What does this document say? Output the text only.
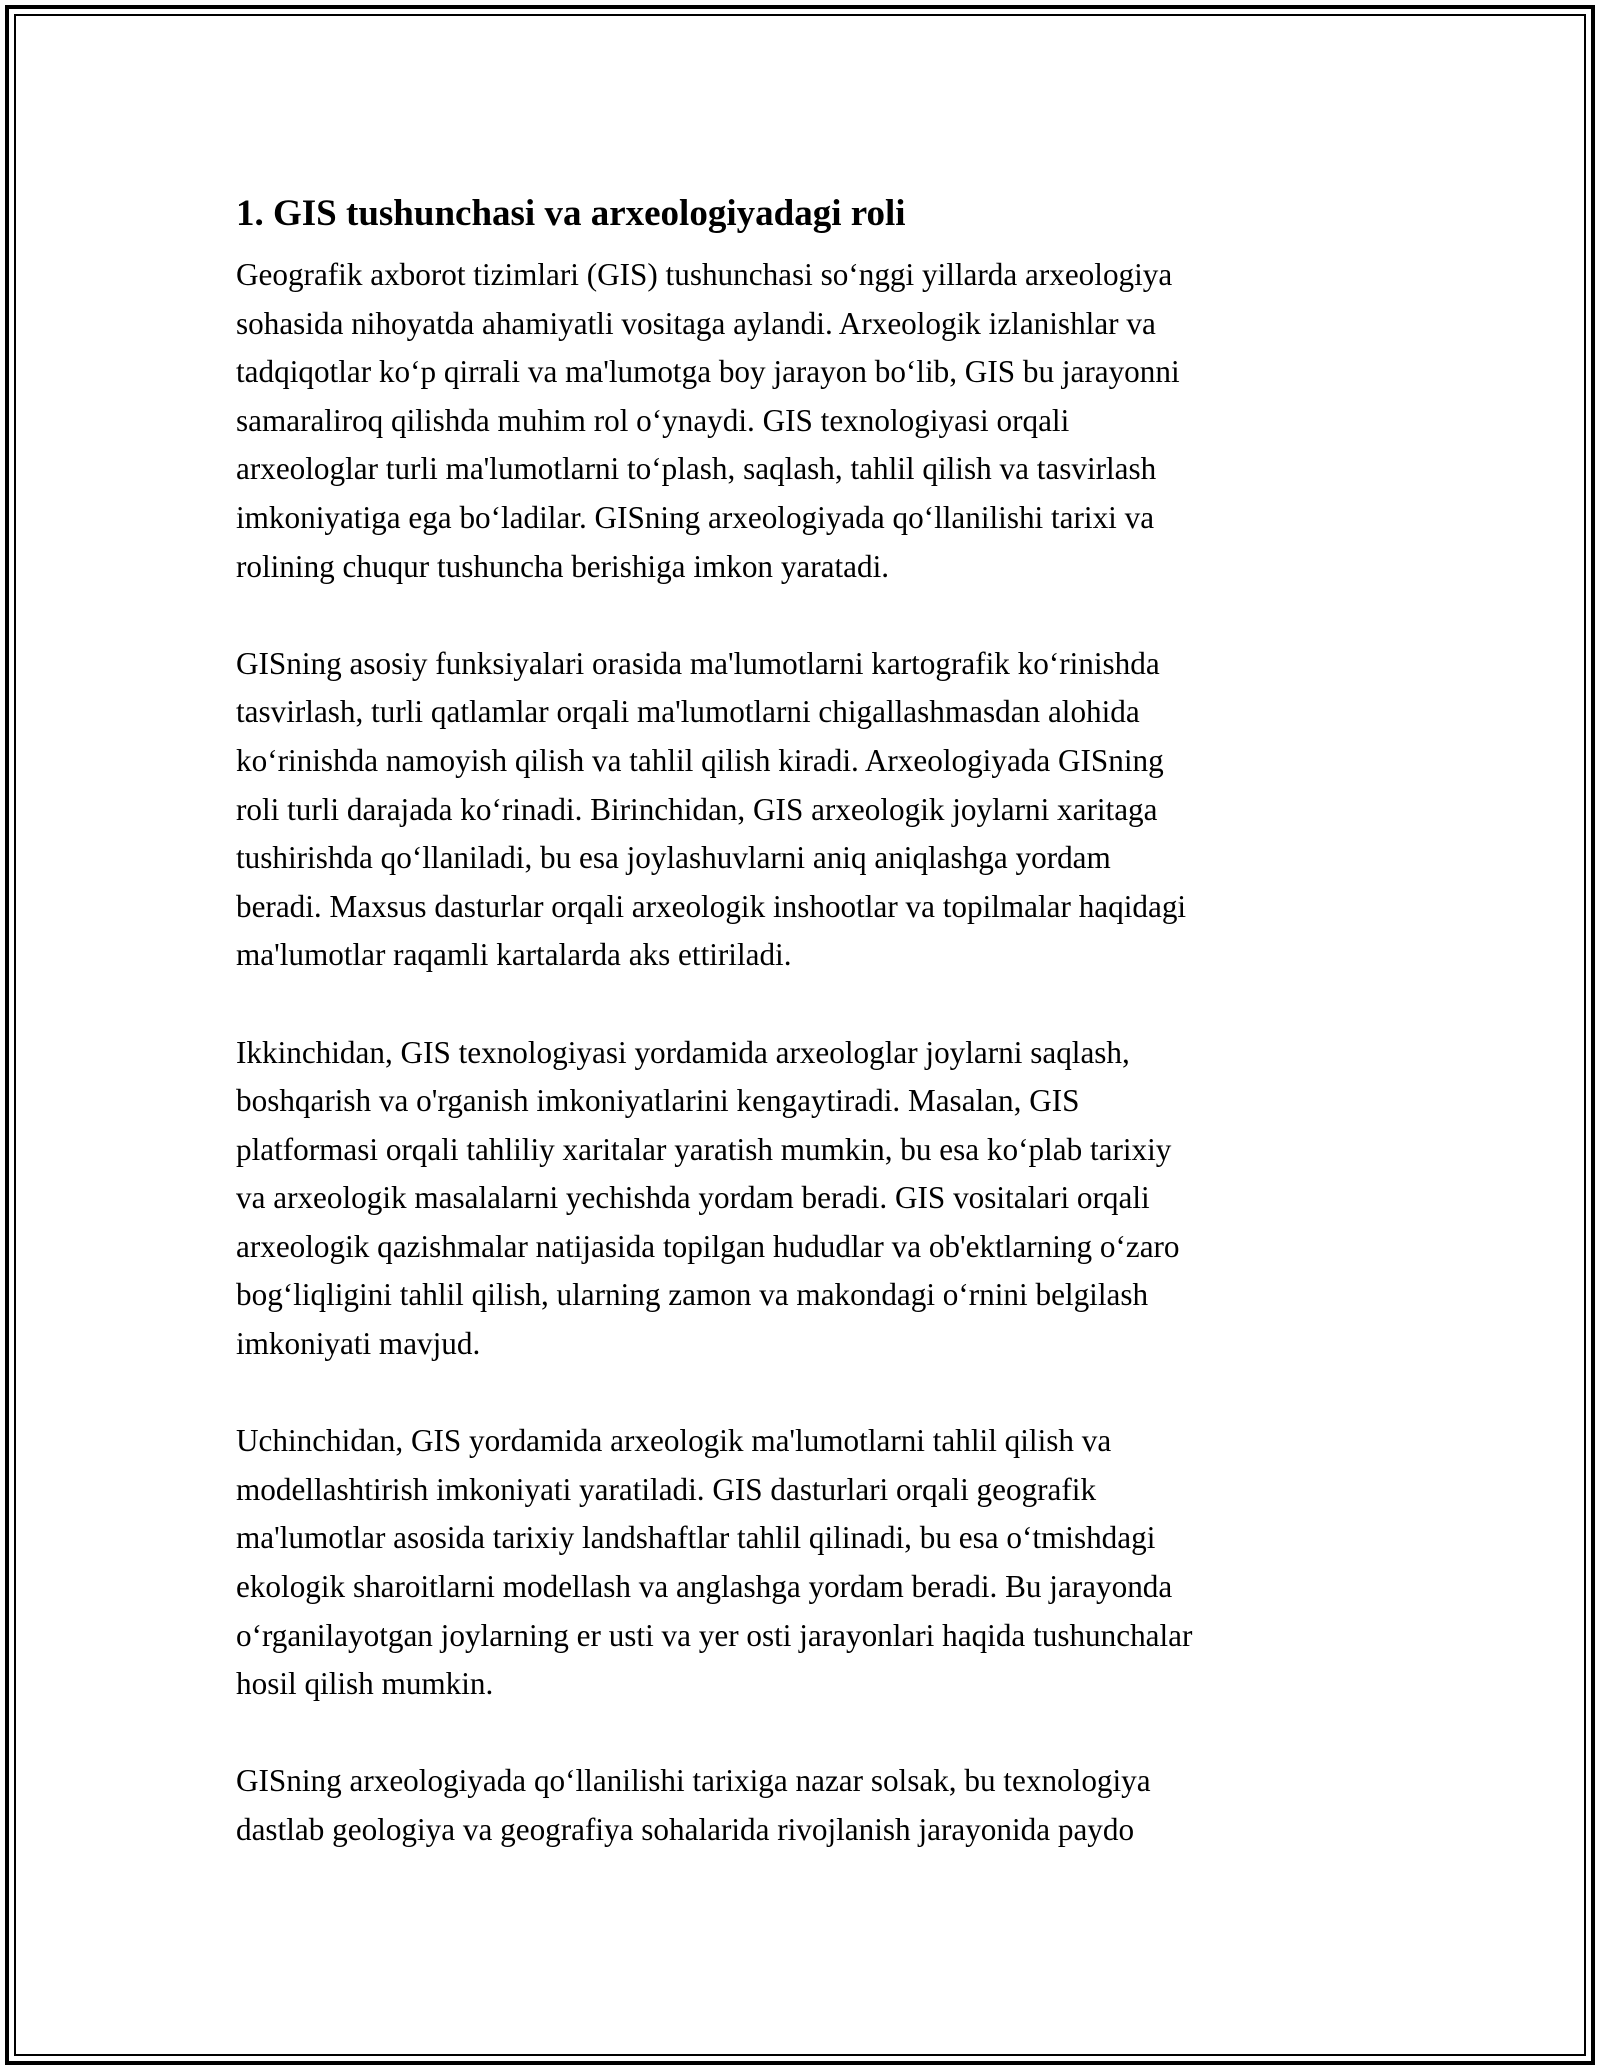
1. GIS tushunchasi va arxeologiyadagi roli
Geografik axborot tizimlari (GIS) tushunchasi so‘nggi yillarda arxeologiya
sohasida nihoyatda ahamiyatli vositaga aylandi. Arxeologik izlanishlar va
tadqiqotlar ko‘p qirrali va ma'lumotga boy jarayon bo‘lib, GIS bu jarayonni
samaraliroq qilishda muhim rol o‘ynaydi. GIS texnologiyasi orqali
arxeologlar turli ma'lumotlarni to‘plash, saqlash, tahlil qilish va tasvirlash
imkoniyatiga ega bo‘ladilar. GISning arxeologiyada qo‘llanilishi tarixi va
rolining chuqur tushuncha berishiga imkon yaratadi.
GISning asosiy funksiyalari orasida ma'lumotlarni kartografik ko‘rinishda
tasvirlash, turli qatlamlar orqali ma'lumotlarni chigallashmasdan alohida
ko‘rinishda namoyish qilish va tahlil qilish kiradi. Arxeologiyada GISning
roli turli darajada ko‘rinadi. Birinchidan, GIS arxeologik joylarni xaritaga
tushirishda qo‘llaniladi, bu esa joylashuvlarni aniq aniqlashga yordam
beradi. Maxsus dasturlar orqali arxeologik inshootlar va topilmalar haqidagi
ma'lumotlar raqamli kartalarda aks ettiriladi.
Ikkinchidan, GIS texnologiyasi yordamida arxeologlar joylarni saqlash,
boshqarish va o'rganish imkoniyatlarini kengaytiradi. Masalan, GIS
platformasi orqali tahliliy xaritalar yaratish mumkin, bu esa ko‘plab tarixiy
va arxeologik masalalarni yechishda yordam beradi. GIS vositalari orqali
arxeologik qazishmalar natijasida topilgan hududlar va ob'ektlarning o‘zaro
bog‘liqligini tahlil qilish, ularning zamon va makondagi o‘rnini belgilash
imkoniyati mavjud.
Uchinchidan, GIS yordamida arxeologik ma'lumotlarni tahlil qilish va
modellashtirish imkoniyati yaratiladi. GIS dasturlari orqali geografik
ma'lumotlar asosida tarixiy landshaftlar tahlil qilinadi, bu esa o‘tmishdagi
ekologik sharoitlarni modellash va anglashga yordam beradi. Bu jarayonda
o‘rganilayotgan joylarning er usti va yer osti jarayonlari haqida tushunchalar
hosil qilish mumkin.
GISning arxeologiyada qo‘llanilishi tarixiga nazar solsak, bu texnologiya
dastlab geologiya va geografiya sohalarida rivojlanish jarayonida paydo
